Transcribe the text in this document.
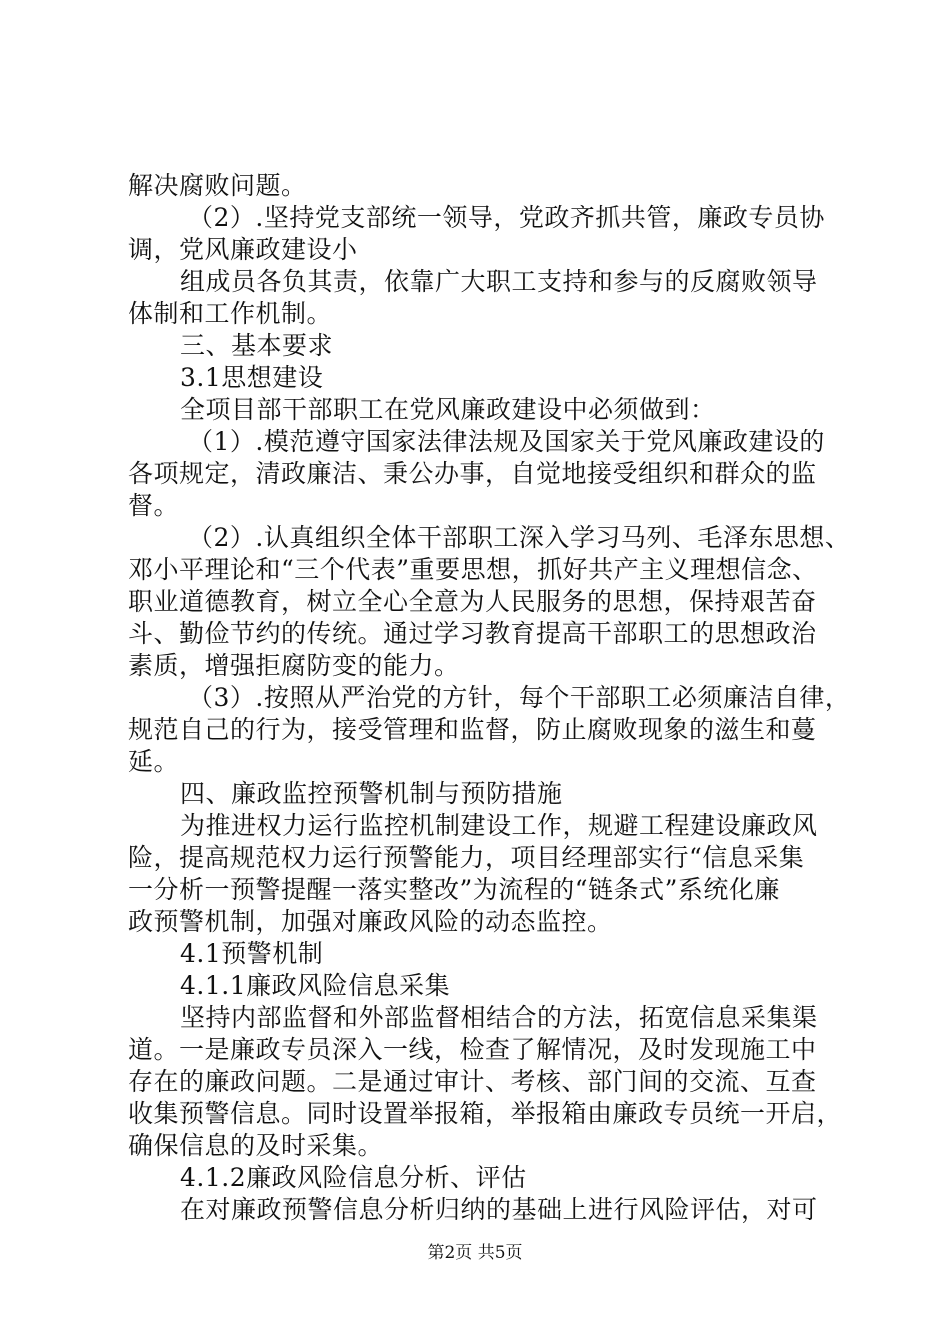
解决腐败问题。
（2）.坚持党支部统一领导，党政齐抓共管，廉政专员协
调，党风廉政建设小
组成员各负其责，依靠广大职工支持和参与的反腐败领导
体制和工作机制。
三、基本要求
3.1思想建设
全项目部干部职工在党风廉政建设中必须做到：
（1）.模范遵守国家法律法规及国家关于党风廉政建设的
各项规定，清政廉洁、秉公办事，自觉地接受组织和群众的监
督。
（2）.认真组织全体干部职工深入学习马列、毛泽东思想、
邓小平理论和“三个代表”重要思想，抓好共产主义理想信念、
职业道德教育，树立全心全意为人民服务的思想，保持艰苦奋
斗、勤俭节约的传统。通过学习教育提高干部职工的思想政治
素质，增强拒腐防变的能力。
（3）.按照从严治党的方针，每个干部职工必须廉洁自律，
规范自己的行为，接受管理和监督，防止腐败现象的滋生和蔓
延。
四、廉政监控预警机制与预防措施
为推进权力运行监控机制建设工作，规避工程建设廉政风
险，提高规范权力运行预警能力，项目经理部实行“信息采集
一分析一预警提醒一落实整改”为流程的“链条式”系统化廉
政预警机制，加强对廉政风险的动态监控。
4.1预警机制
4.1.1廉政风险信息采集
坚持内部监督和外部监督相结合的方法，拓宽信息采集渠
道。一是廉政专员深入一线，检查了解情况，及时发现施工中
存在的廉政问题。二是通过审计、考核、部门间的交流、互查
收集预警信息。同时设置举报箱，举报箱由廉政专员统一开启，
确保信息的及时采集。
4.1.2廉政风险信息分析、评估
在对廉政预警信息分析归纳的基础上进行风险评估，对可
第2页 共5页
